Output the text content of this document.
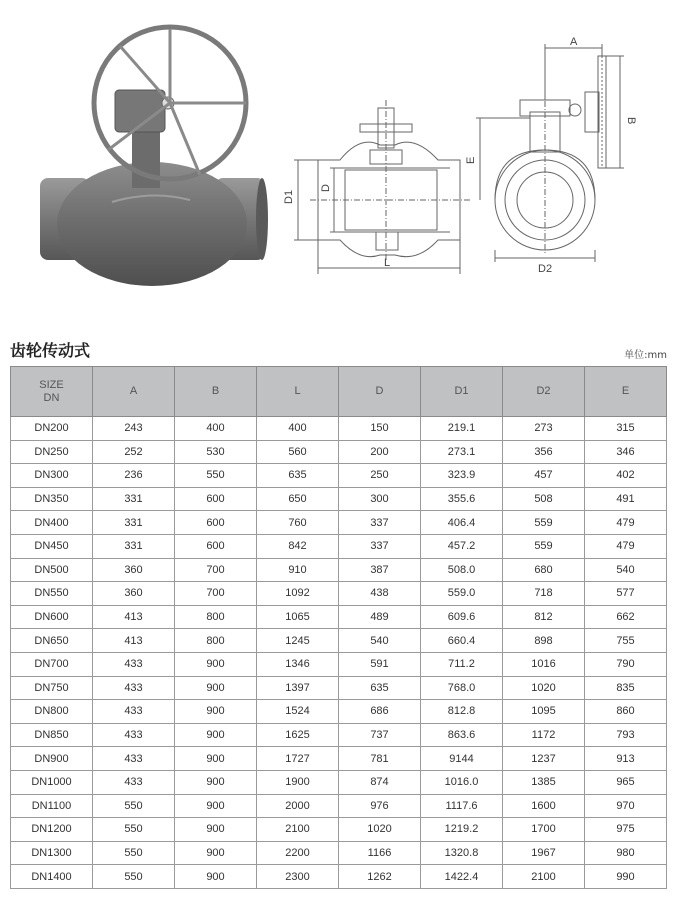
D1
D
L
A
B
E
D2
齿轮传动式	单位:mm
SIZE
DN	A	B	L	D	D1	D2	E
DN200	243	400	400	150	219.1	273	315
DN250	252	530	560	200	273.1	356	346
DN300	236	550	635	250	323.9	457	402
DN350	331	600	650	300	355.6	508	491
DN400	331	600	760	337	406.4	559	479
DN450	331	600	842	337	457.2	559	479
DN500	360	700	910	387	508.0	680	540
DN550	360	700	1092	438	559.0	718	577
DN600	413	800	1065	489	609.6	812	662
DN650	413	800	1245	540	660.4	898	755
DN700	433	900	1346	591	711.2	1016	790
DN750	433	900	1397	635	768.0	1020	835
DN800	433	900	1524	686	812.8	1095	860
DN850	433	900	1625	737	863.6	1172	793
DN900	433	900	1727	781	9144	1237	913
DN1000	433	900	1900	874	1016.0	1385	965
DN1100	550	900	2000	976	1117.6	1600	970
DN1200	550	900	2100	1020	1219.2	1700	975
DN1300	550	900	2200	1166	1320.8	1967	980
DN1400	550	900	2300	1262	1422.4	2100	990
